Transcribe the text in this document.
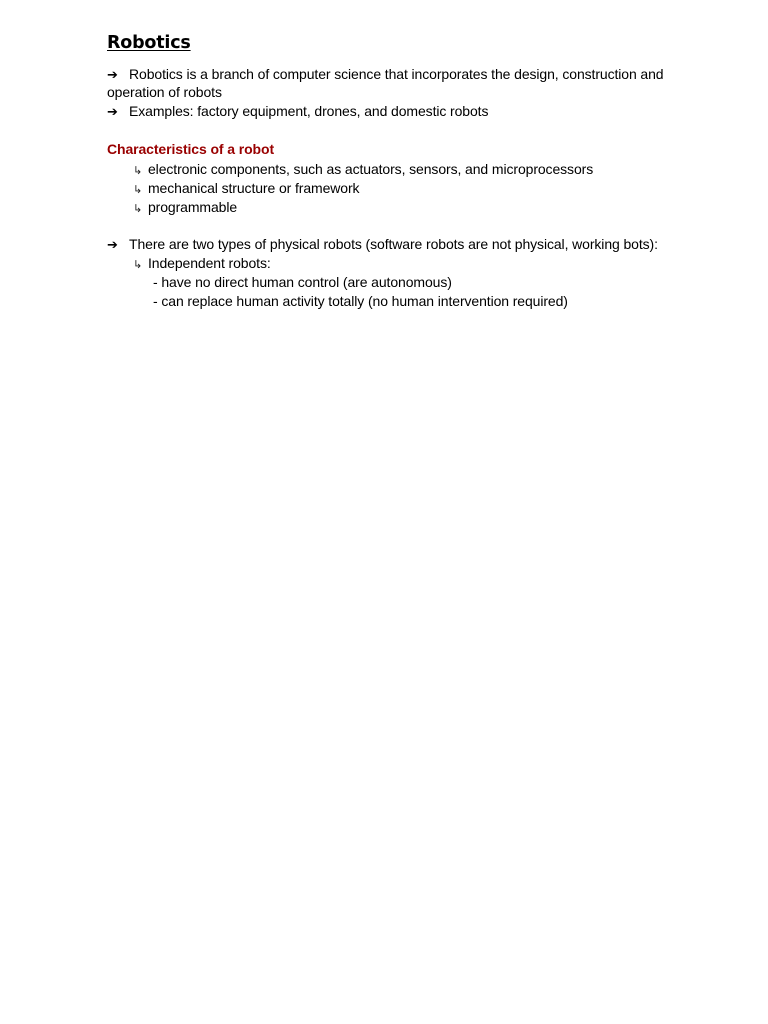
Robotics
➔ Robotics is a branch of computer science that incorporates the design, construction and
operation of robots
➔ Examples: factory equipment, drones, and domestic robots
Characteristics of a robot
↳ electronic components, such as actuators, sensors, and microprocessors
↳ mechanical structure or framework
↳ programmable
➔ There are two types of physical robots (software robots are not physical, working bots):
↳ Independent robots:
- have no direct human control (are autonomous)
- can replace human activity totally (no human intervention required)
